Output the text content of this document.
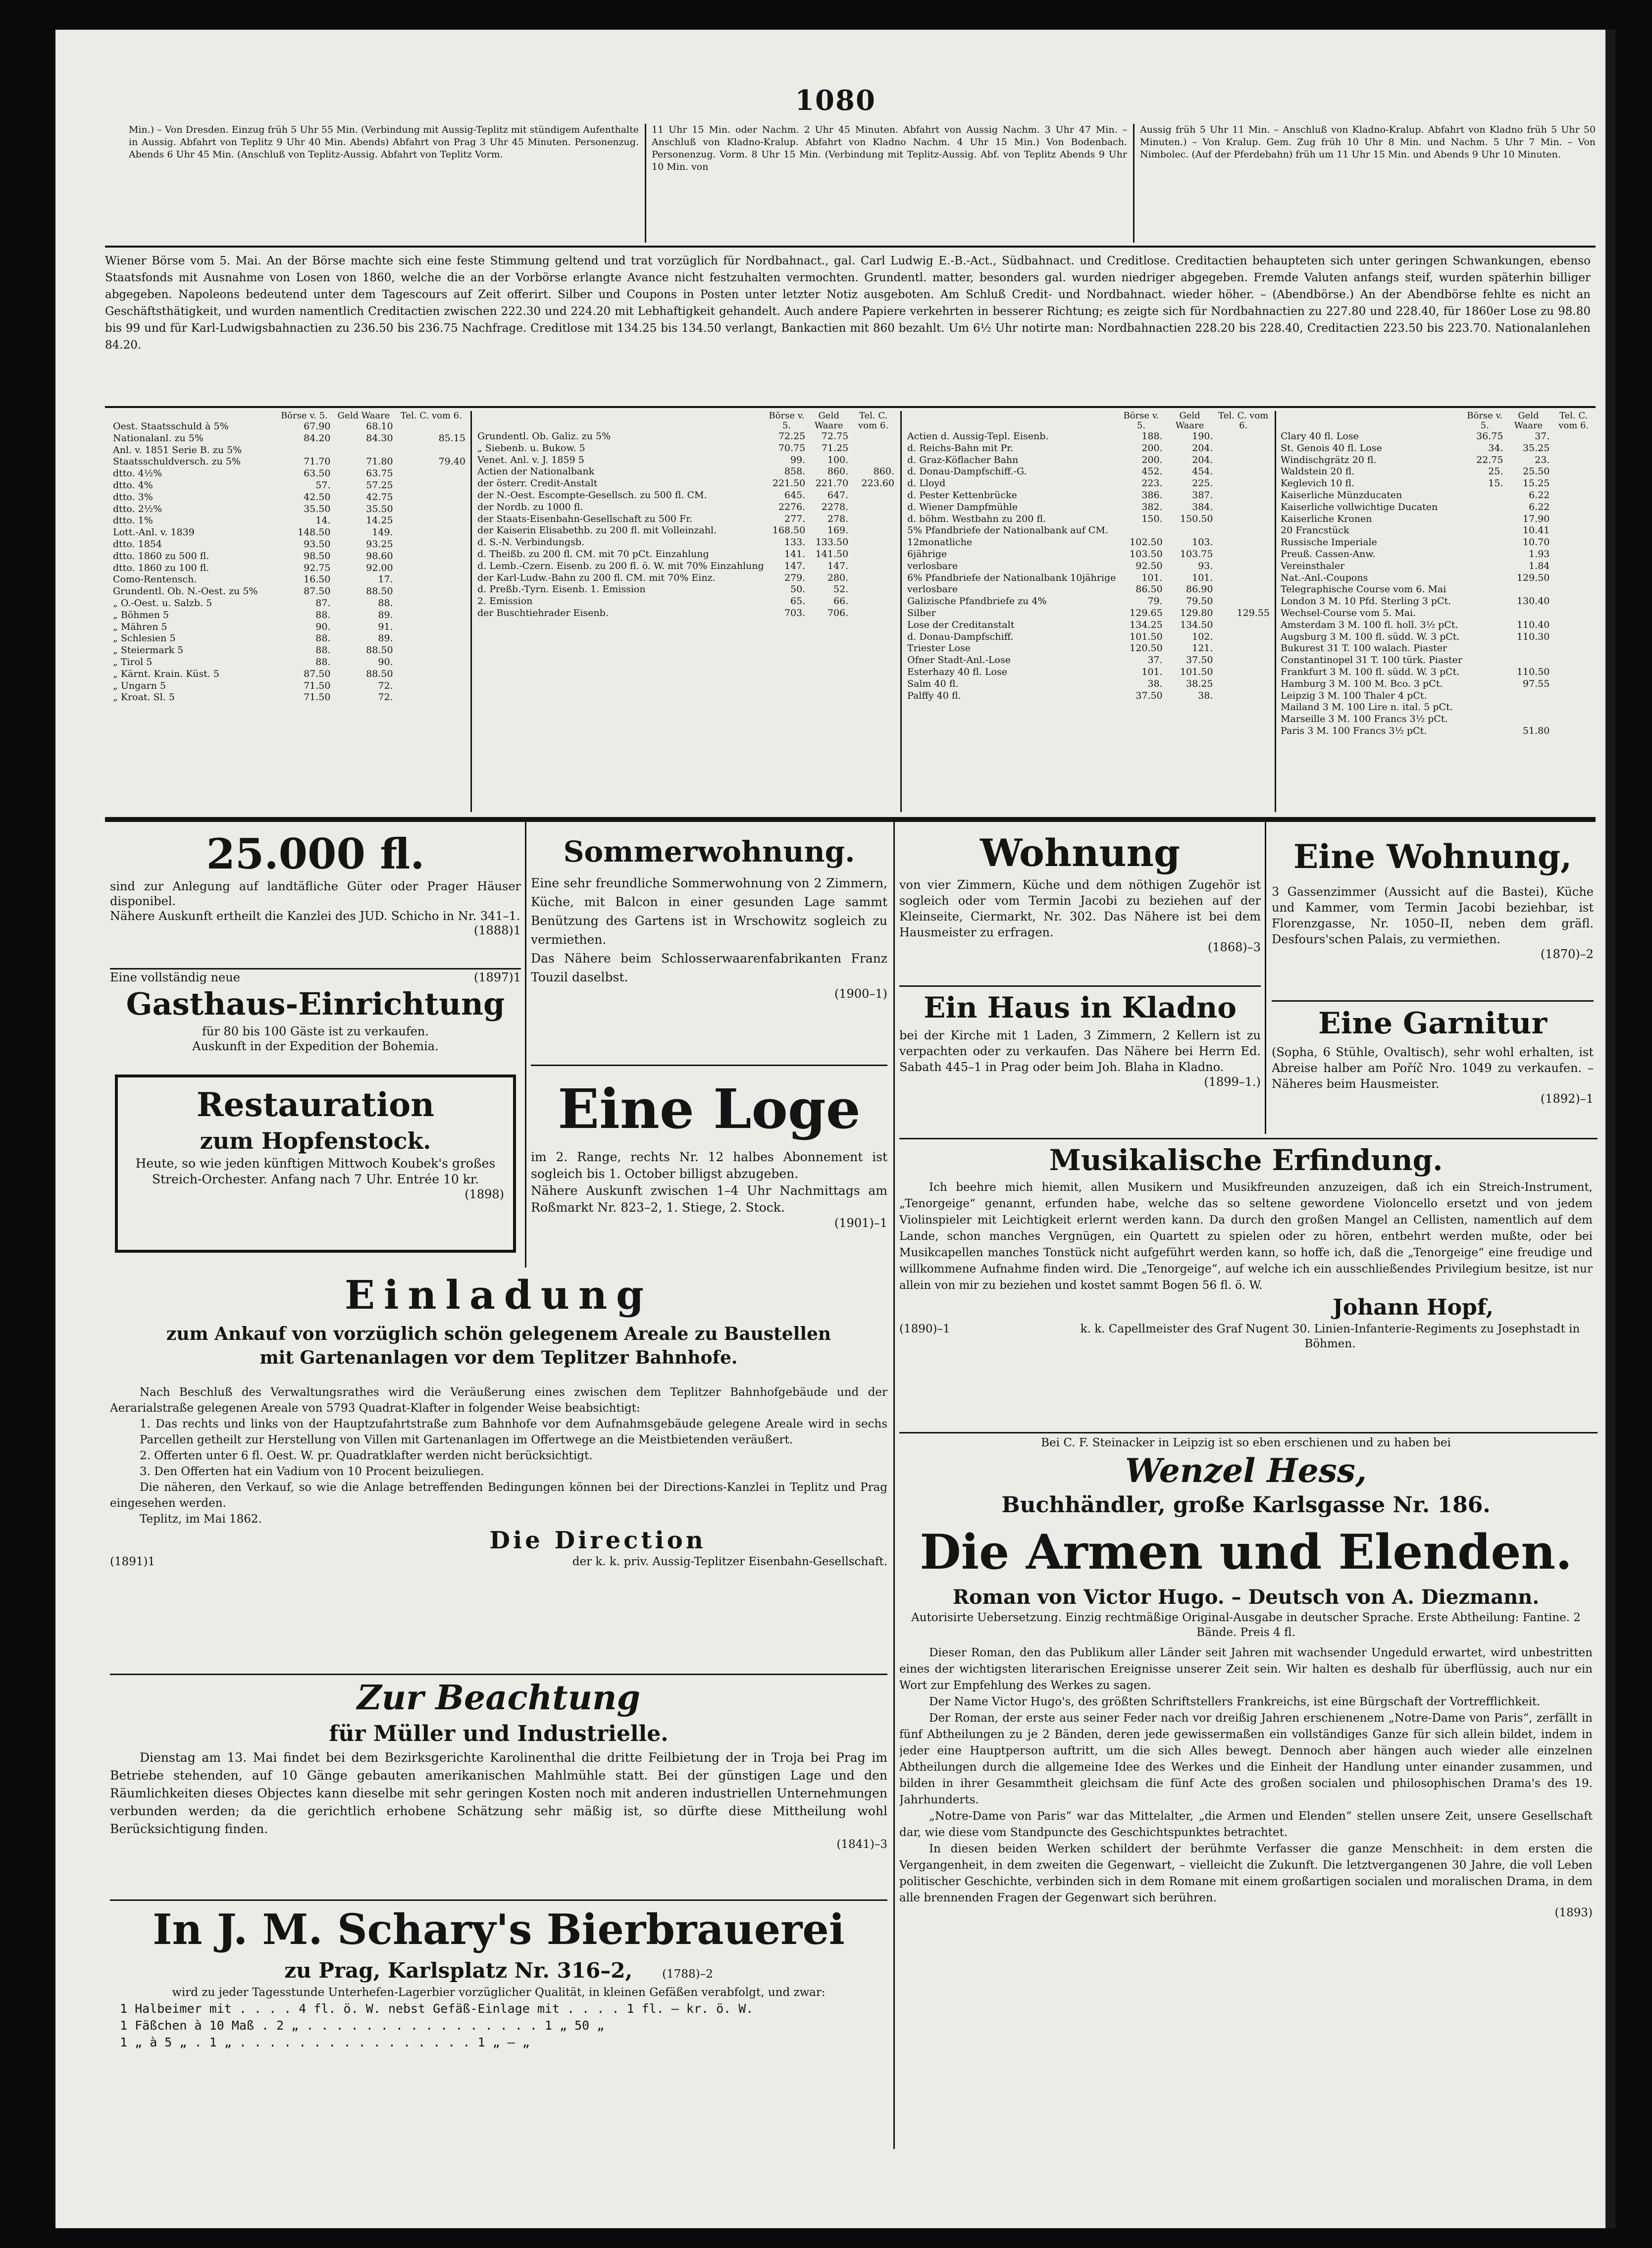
1080
Min.) – Von Dresden. Einzug früh 5 Uhr 55 Min. (Verbindung mit Aussig-Teplitz mit stündigem Aufenthalte in Aussig. Abfahrt von Teplitz 9 Uhr 40 Min. Abends) Abfahrt von Prag 3 Uhr 45 Minuten. Personenzug. Abends 6 Uhr 45 Min. (Anschluß von Teplitz-Aussig. Abfahrt von Teplitz Vorm.
11 Uhr 15 Min. oder Nachm. 2 Uhr 45 Minuten. Abfahrt von Aussig Nachm. 3 Uhr 47 Min. – Anschluß von Kladno-Kralup. Abfahrt von Kladno Nachm. 4 Uhr 15 Min.) Von Bodenbach. Personenzug. Vorm. 8 Uhr 15 Min. (Verbindung mit Teplitz-Aussig. Abf. von Teplitz Abends 9 Uhr 10 Min. von
Aussig früh 5 Uhr 11 Min. – Anschluß von Kladno-Kralup. Abfahrt von Kladno früh 5 Uhr 50 Minuten.) – Von Kralup. Gem. Zug früh 10 Uhr 8 Min. und Nachm. 5 Uhr 7 Min. – Von Nimbolec. (Auf der Pferdebahn) früh um 11 Uhr 15 Min. und Abends 9 Uhr 10 Minuten.
Wiener Börse vom 5. Mai. An der Börse machte sich eine feste Stimmung geltend und trat vorzüglich für Nordbahnact., gal. Carl Ludwig E.-B.-Act., Südbahnact. und Creditlose. Creditactien behaupteten sich unter geringen Schwankungen, ebenso Staatsfonds mit Ausnahme von Losen von 1860, welche die an der Vorbörse erlangte Avance nicht festzuhalten vermochten. Grundentl. matter, besonders gal. wurden niedriger abgegeben. Fremde Valuten anfangs steif, wurden späterhin billiger abgegeben. Napoleons bedeutend unter dem Tagescours auf Zeit offerirt. Silber und Coupons in Posten unter letzter Notiz ausgeboten. Am Schluß Credit- und Nordbahnact. wieder höher. – (Abendbörse.) An der Abendbörse fehlte es nicht an Geschäftsthätigkeit, und wurden namentlich Creditactien zwischen 222.30 und 224.20 mit Lebhaftigkeit gehandelt. Auch andere Papiere verkehrten in besserer Richtung; es zeigte sich für Nordbahnactien zu 227.80 und 228.40, für 1860er Lose zu 98.80 bis 99 und für Karl-Ludwigsbahnactien zu 236.50 bis 236.75 Nachfrage. Creditlose mit 134.25 bis 134.50 verlangt, Bankactien mit 860 bezahlt. Um 6½ Uhr notirte man: Nordbahnactien 228.20 bis 228.40, Creditactien 223.50 bis 223.70. Nationalanlehen 84.20.
	Börse v. 5.	Geld Waare	Tel. C. vom 6.
Oest. Staatsschuld à 5%	67.90	68.10	
Nationalanl. zu 5%	84.20	84.30	85.15
Anl. v. 1851 Serie B. zu 5%			
Staatsschuldversch. zu 5%	71.70	71.80	79.40
dtto. 4½%	63.50	63.75	
dtto. 4%	57.	57.25	
dtto. 3%	42.50	42.75	
dtto. 2½%	35.50	35.50	
dtto. 1%	14.	14.25	
Lott.-Anl. v. 1839	148.50	149.	
dtto. 1854	93.50	93.25	
dtto. 1860 zu 500 fl.	98.50	98.60	
dtto. 1860 zu 100 fl.	92.75	92.00	
Como-Rentensch.	16.50	17.	

Grundentl. Ob. N.-Oest. zu 5%	87.50	88.50	
„ O.-Oest. u. Salzb. 5	87.	88.	
„ Böhmen 5	88.	89.	
„ Mähren 5	90.	91.	
„ Schlesien 5	88.	89.	
„ Steiermark 5	88.	88.50	
„ Tirol 5	88.	90.	
„ Kärnt. Krain. Küst. 5	87.50	88.50	
„ Ungarn 5	71.50	72.	
„ Kroat. Sl. 5	71.50	72.	
	Börse v. 5.	Geld Waare	Tel. C. vom 6.
Grundentl. Ob. Galiz. zu 5%	72.25	72.75	
„ Siebenb. u. Bukow. 5	70.75	71.25	
Venet. Anl. v. J. 1859 5	99.	100.	

Actien der Nationalbank	858.	860.	860.
der österr. Credit-Anstalt	221.50	221.70	223.60
der N.-Oest. Escompte-Gesellsch. zu 500 fl. CM.	645.	647.	
der Nordb. zu 1000 fl.	2276.	2278.	
der Staats-Eisenbahn-Gesellschaft zu 500 Fr.	277.	278.	
der Kaiserin Elisabethb. zu 200 fl. mit Volleinzahl.	168.50	169.	
d. S.-N. Verbindungsb.	133.	133.50	
d. Theißb. zu 200 fl. CM. mit 70 pCt. Einzahlung	141.	141.50	
d. Lemb.-Czern. Eisenb. zu 200 fl. ö. W. mit 70% Einzahlung	147.	147.	
der Karl-Ludw.-Bahn zu 200 fl. CM. mit 70% Einz.	279.	280.	
d. Preßb.-Tyrn. Eisenb. 1. Emission	50.	52.	
2. Emission	65.	66.	
der Buschtiehrader Eisenb.	703.	706.	
	Börse v. 5.	Geld Waare	Tel. C. vom 6.
Actien d. Aussig-Tepl. Eisenb.	188.	190.	
d. Reichs-Bahn mit Pr.	200.	204.	
d. Graz-Köflacher Bahn	200.	204.	
d. Donau-Dampfschiff.-G.	452.	454.	
d. Lloyd	223.	225.	
d. Pester Kettenbrücke	386.	387.	
d. Wiener Dampfmühle	382.	384.	
d. böhm. Westbahn zu 200 fl.	150.	150.50	
5% Pfandbriefe der Nationalbank auf CM.			
12monatliche	102.50	103.	
6jährige	103.50	103.75	
verlosbare	92.50	93.	
6% Pfandbriefe der Nationalbank 10jährige	101.	101.	
verlosbare	86.50	86.90	
Galizische Pfandbriefe zu 4%	79.	79.50	
Silber	129.65	129.80	129.55
Lose der Creditanstalt	134.25	134.50	
d. Donau-Dampfschiff.	101.50	102.	
Triester Lose	120.50	121.	
Ofner Stadt-Anl.-Lose	37.	37.50	
Esterhazy 40 fl. Lose	101.	101.50	
Salm 40 fl.	38.	38.25	
Palffy 40 fl.	37.50	38.	

	Börse v. 5.	Geld Waare	Tel. C. vom 6.
Clary 40 fl. Lose	36.75	37.	
St. Genois 40 fl. Lose	34.	35.25	
Windischgrätz 20 fl.	22.75	23.	
Waldstein 20 fl.	25.	25.50	
Keglevich 10 fl.	15.	15.25	
Kaiserliche Münzducaten		6.22	
Kaiserliche vollwichtige Ducaten		6.22	
Kaiserliche Kronen		17.90	
20 Francstück		10.41	
Russische Imperiale		10.70	
Preuß. Cassen-Anw.		1.93	
Vereinsthaler		1.84	
Nat.-Anl.-Coupons		129.50	
Telegraphische Course vom 6. Mai			
London 3 M. 10 Pfd. Sterling 3 pCt.		130.40	
Wechsel-Course vom 5. Mai.			
Amsterdam 3 M. 100 fl. holl. 3½ pCt.		110.40	
Augsburg 3 M. 100 fl. südd. W. 3 pCt.		110.30	
Bukurest 31 T. 100 walach. Piaster			
Constantinopel 31 T. 100 türk. Piaster			
Frankfurt 3 M. 100 fl. südd. W. 3 pCt.		110.50	
Hamburg 3 M. 100 M. Bco. 3 pCt.		97.55	
Leipzig 3 M. 100 Thaler 4 pCt.			
Mailand 3 M. 100 Lire n. ital. 5 pCt.			
Marseille 3 M. 100 Francs 3½ pCt.			
Paris 3 M. 100 Francs 3½ pCt.		51.80	
25.000 fl.

sind zur Anlegung auf landtäfliche Güter oder Prager Häuser disponibel.

Nähere Auskunft ertheilt die Kanzlei des JUD. Schicho in Nr. 341–1.

(1888)1

Eine vollständig neue	(1897)1
Gasthaus-Einrichtung

für 80 bis 100 Gäste ist zu verkaufen.

Auskunft in der Expedition der Bohemia.

Restauration
zum Hopfenstock.

Heute, so wie jeden künftigen Mittwoch Koubek's großes Streich-Orchester. Anfang nach 7 Uhr. Entrée 10 kr.

(1898)

Sommerwohnung.

Eine sehr freundliche Sommerwohnung von 2 Zimmern, Küche, mit Balcon in einer gesunden Lage sammt Benützung des Gartens ist in Wrschowitz sogleich zu vermiethen.

Das Nähere beim Schlosserwaarenfabrikanten Franz Touzil daselbst.

(1900–1)

Eine Loge

im 2. Range, rechts Nr. 12 halbes Abonnement ist sogleich bis 1. October billigst abzugeben.

Nähere Auskunft zwischen 1–4 Uhr Nachmittags am Roßmarkt Nr. 823–2, 1. Stiege, 2. Stock.

(1901)–1

Wohnung

von vier Zimmern, Küche und dem nöthigen Zugehör ist sogleich oder vom Termin Jacobi zu beziehen auf der Kleinseite, Ciermarkt, Nr. 302. Das Nähere ist bei dem Hausmeister zu erfragen.

(1868)–3

Ein Haus in Kladno

bei der Kirche mit 1 Laden, 3 Zimmern, 2 Kellern ist zu verpachten oder zu verkaufen. Das Nähere bei Herrn Ed. Sabath 445–1 in Prag oder beim Joh. Blaha in Kladno.

(1899–1.)

Eine Wohnung,

3 Gassenzimmer (Aussicht auf die Bastei), Küche und Kammer, vom Termin Jacobi beziehbar, ist Florenzgasse, Nr. 1050–II, neben dem gräfl. Desfours'schen Palais, zu vermiethen.

(1870)–2

Eine Garnitur

(Sopha, 6 Stühle, Ovaltisch), sehr wohl erhalten, ist Abreise halber am Poříč Nro. 1049 zu verkaufen. – Näheres beim Hausmeister.

(1892)–1

Musikalische Erfindung.

Ich beehre mich hiemit, allen Musikern und Musikfreunden anzuzeigen, daß ich ein Streich-Instrument, „Tenorgeige“ genannt, erfunden habe, welche das so seltene gewordene Violoncello ersetzt und von jedem Violinspieler mit Leichtigkeit erlernt werden kann. Da durch den großen Mangel an Cellisten, namentlich auf dem Lande, schon manches Vergnügen, ein Quartett zu spielen oder zu hören, entbehrt werden mußte, oder bei Musikcapellen manches Tonstück nicht aufgeführt werden kann, so hoffe ich, daß die „Tenorgeige“ eine freudige und willkommene Aufnahme finden wird. Die „Tenorgeige“, auf welche ich ein ausschließendes Privilegium besitze, ist nur allein von mir zu beziehen und kostet sammt Bogen 56 fl. ö. W.

Johann Hopf,
(1890)–1	k. k. Capellmeister des Graf Nugent 30. Linien-Infanterie-Regiments zu Josephstadt in Böhmen.

Bei C. F. Steinacker in Leipzig ist so eben erschienen und zu haben bei

Wenzel Hess,
Buchhändler, große Karlsgasse Nr. 186.
Die Armen und Elenden.
Roman von Victor Hugo. – Deutsch von A. Diezmann.

Autorisirte Uebersetzung. Einzig rechtmäßige Original-Ausgabe in deutscher Sprache. Erste Abtheilung: Fantine. 2 Bände. Preis 4 fl.

Dieser Roman, den das Publikum aller Länder seit Jahren mit wachsender Ungeduld erwartet, wird unbestritten eines der wichtigsten literarischen Ereignisse unserer Zeit sein. Wir halten es deshalb für überflüssig, auch nur ein Wort zur Empfehlung des Werkes zu sagen.

Der Name Victor Hugo's, des größten Schriftstellers Frankreichs, ist eine Bürgschaft der Vortrefflichkeit.

Der Roman, der erste aus seiner Feder nach vor dreißig Jahren erschienenem „Notre-Dame von Paris“, zerfällt in fünf Abtheilungen zu je 2 Bänden, deren jede gewissermaßen ein vollständiges Ganze für sich allein bildet, indem in jeder eine Hauptperson auftritt, um die sich Alles bewegt. Dennoch aber hängen auch wieder alle einzelnen Abtheilungen durch die allgemeine Idee des Werkes und die Einheit der Handlung unter einander zusammen, und bilden in ihrer Gesammtheit gleichsam die fünf Acte des großen socialen und philosophischen Drama's des 19. Jahrhunderts.

„Notre-Dame von Paris“ war das Mittelalter, „die Armen und Elenden“ stellen unsere Zeit, unsere Gesellschaft dar, wie diese vom Standpuncte des Geschichtspunktes betrachtet.

In diesen beiden Werken schildert der berühmte Verfasser die ganze Menschheit: in dem ersten die Vergangenheit, in dem zweiten die Gegenwart, – vielleicht die Zukunft. Die letztvergangenen 30 Jahre, die voll Leben politischer Geschichte, verbinden sich in dem Romane mit einem großartigen socialen und moralischen Drama, in dem alle brennenden Fragen der Gegenwart sich berühren.

(1893)

Einladung

zum Ankauf von vorzüglich schön gelegenem Areale zu Baustellen mit Gartenanlagen vor dem Teplitzer Bahnhofe.

Nach Beschluß des Verwaltungsrathes wird die Veräußerung eines zwischen dem Teplitzer Bahnhofgebäude und der Aerarialstraße gelegenen Areale von 5793 Quadrat-Klafter in folgender Weise beabsichtigt:

1. Das rechts und links von der Hauptzufahrtstraße zum Bahnhofe vor dem Aufnahmsgebäude gelegene Areale wird in sechs Parcellen getheilt zur Herstellung von Villen mit Gartenanlagen im Offertwege an die Meistbietenden veräußert.

2. Offerten unter 6 fl. Oest. W. pr. Quadratklafter werden nicht berücksichtigt.

3. Den Offerten hat ein Vadium von 10 Procent beizuliegen.

Die näheren, den Verkauf, so wie die Anlage betreffenden Bedingungen können bei der Directions-Kanzlei in Teplitz und Prag eingesehen werden.

Teplitz, im Mai 1862.

Die Direction
(1891)1	der k. k. priv. Aussig-Teplitzer Eisenbahn-Gesellschaft.
Zur Beachtung
für Müller und Industrielle.

Dienstag am 13. Mai findet bei dem Bezirksgerichte Karolinenthal die dritte Feilbietung der in Troja bei Prag im Betriebe stehenden, auf 10 Gänge gebauten amerikanischen Mahlmühle statt. Bei der günstigen Lage und den Räumlichkeiten dieses Objectes kann dieselbe mit sehr geringen Kosten noch mit anderen industriellen Unternehmungen verbunden werden; da die gerichtlich erhobene Schätzung sehr mäßig ist, so dürfte diese Mittheilung wohl Berücksichtigung finden.

(1841)–3

In J. M. Schary's Bierbrauerei
zu Prag, Karlsplatz Nr. 316–2,	(1788)–2

wird zu jeder Tagesstunde Unterhefen-Lagerbier vorzüglicher Qualität, in kleinen Gefäßen verabfolgt, und zwar:

1 Halbeimer mit . . . . 4 fl. ö. W. nebst Gefäß-Einlage mit . . . . 1 fl. — kr. ö. W.

1 Fäßchen à 10 Maß . 2 „ . . . . . . . . . . . . . . . . 1 „ 50 „

1 „ à 5 „ . 1 „ . . . . . . . . . . . . . . . . 1 „ — „
